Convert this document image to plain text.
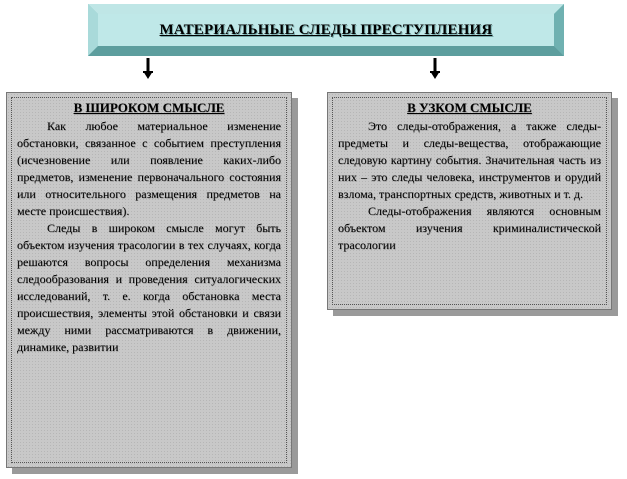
МАТЕРИАЛЬНЫЕ СЛЕДЫ ПРЕСТУПЛЕНИЯ
В ШИРОКОМ СМЫСЛЕ

Как любое материальное изменение обстановки, связанное с событием преступления (исчезновение или появление каких-либо предметов, изменение первоначального состояния или относительного размещения предметов на месте происшествия).

Следы в широком смысле могут быть объектом изучения трасологии в тех случаях, когда решаются вопросы определения механизма следообразования и проведения ситуалогических исследований, т. е. когда обстановка места происшествия, элементы этой обстановки и связи между ними рассматриваются в движении, динамике, развитии

В УЗКОМ СМЫСЛЕ

Это следы-отображения, а также следы-предметы и следы-вещества, отображающие следовую картину события. Значительная часть из них – это следы человека, инструментов и орудий взлома, транспортных средств, животных и т. д.

Следы-отображения являются основным объектом изучения криминалистической трасологии
